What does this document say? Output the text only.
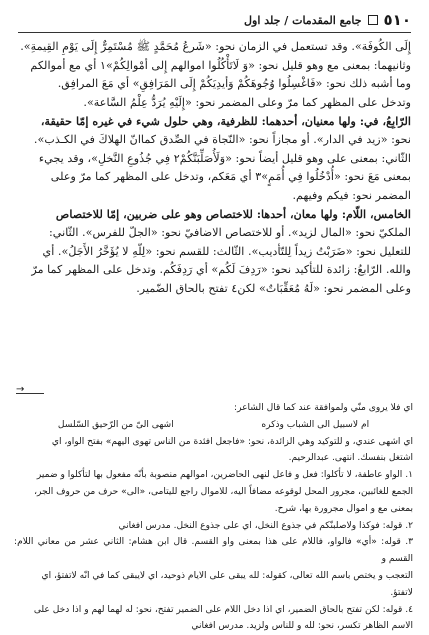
٥١٠
جامع المقدمات / جلد اول

إِلَى الكُوفَة». وقد تستعمل في الزمان نحو: «شَرعُ مُحَمَّدٍ ﷺ مُسْتَمِرٌّ إِلَى يَوْمِ القِيمةِ».

وثانيهما: بمعنى مع وهو قليل نحو: «وَ لَاتَأْكُلُوا اموالهم إِلى أمْوالِكُمْ»١ أي مع أموالكم

وما أشبه ذلك نحو: «فَاغْسِلُوا وُجُوهَكُمْ وَأيدِيَكُمْ إِلَى المَرَافِقِ» أي مَعَ المرافِق.

وتدخل على المظهر كما مرّ وعلى المضمر نحو: «إِلَيْهِ يُرَدُّ عِلْمُ السَّاعة».

الرّابِعُ، في: ولها معنيان، أحدهما: للظرفية، وهي حلول شيء في غيره إمّا حقيقة،

نحو: «زيد في الدار». أو مجازاً نحو: «النّجاة في الصِّدق كماانّ الهلاكَ في الكـذب».

الثّاني: بمعنى على وهو قليل أيضاً نحو: «وَلَأُصَلِّبَنَّكُمْ٢ فِي جُذُوعِ النَّخلِ»، وقد يجيء

بمعنى مَعَ نحو: «أُدْخُلُوا فِي أُمَمٍ»٣ أي مَعَكم، وتدخل على المظهر كما مرّ وعلى

المضمر نحو: فيكم وفيهم.

الخامس، اللّام: ولها معان، أحدها: للاختصاص وهو على ضربين، إمّا للاختصاص

الملكيّ نحو: «المال لزيد». أو للاختصاص الاضافيّ نحو: «الجلّ للفرس». الثّاني:

للتعليل نحو: «ضَرَبْتُ زيداً لِلتّأديب». الثّالث: للقسم نحو: «لِلّهِ لا يُؤَخَّرُ الأَجَلُ». أي

والله. الرّابعُ: زائدة للتأكيد نحو: «رَدِفَ لَكُم» أي رَدِفَكُم. وتدخل على المظهر كما مرّ

وعلى المضمر نحو: «لَهُ مُعَقِّبَاتٌ» لكن٤ تفتح بالحاق الضّمير.

→

اي فلا يروى منّي ولموافقة عند كما قال الشاعر:

ام لاسبيل الى الشباب وذكره
اشهى الىّ من الرّحيق السّلسل

اي اشهى عندي، و للتوكيد وهي الزائدة، نحو: «فاجعل افئدة من الناس تهوى اليهم» بفتح الواو، اي

اشتغل بنفسك. انتهى. عبدالرحيم.

١. الواو عاطفة، لا تأكلوا: فعل و فاعل لنهى الحاضرين، اموالهم منصوبة بأنّه مفعول بها لتأكلوا و ضمير

الجمع للغائبين، مجرور المحل لوقوعه مضافاً اليه، للاموال راجع لليتامى، «الى» حرف من حروف الجر،

بمعنى مع و اموال مجرورة بها، شرح.

٢. قوله: فوكذا ولاصلبنّكم في جذوع النخل، اي على جذوع النخل. مدرس افغاني

٣. قوله: «أي» فالواو، فاللام على هذا بمعنى واو القسم. قال ابن هشام: الثاني عشر من معاني اللام: القسم و

التعجب و يختص باسم الله تعالى، كقوله: لله يبقى على الايام ذوحيد، اي لايبقى كما في انّه لاتفتؤ، اي

لاتفتؤ.

٤. قوله: لكن تفتح بالحاق الضمير، اي اذا دخل اللام على الضمير تفتح، نحو: له لهما لهم و اذا دخل على

الاسم الظاهر تكسر، نحو: لله و للناس ولزيد. مدرس افغاني
